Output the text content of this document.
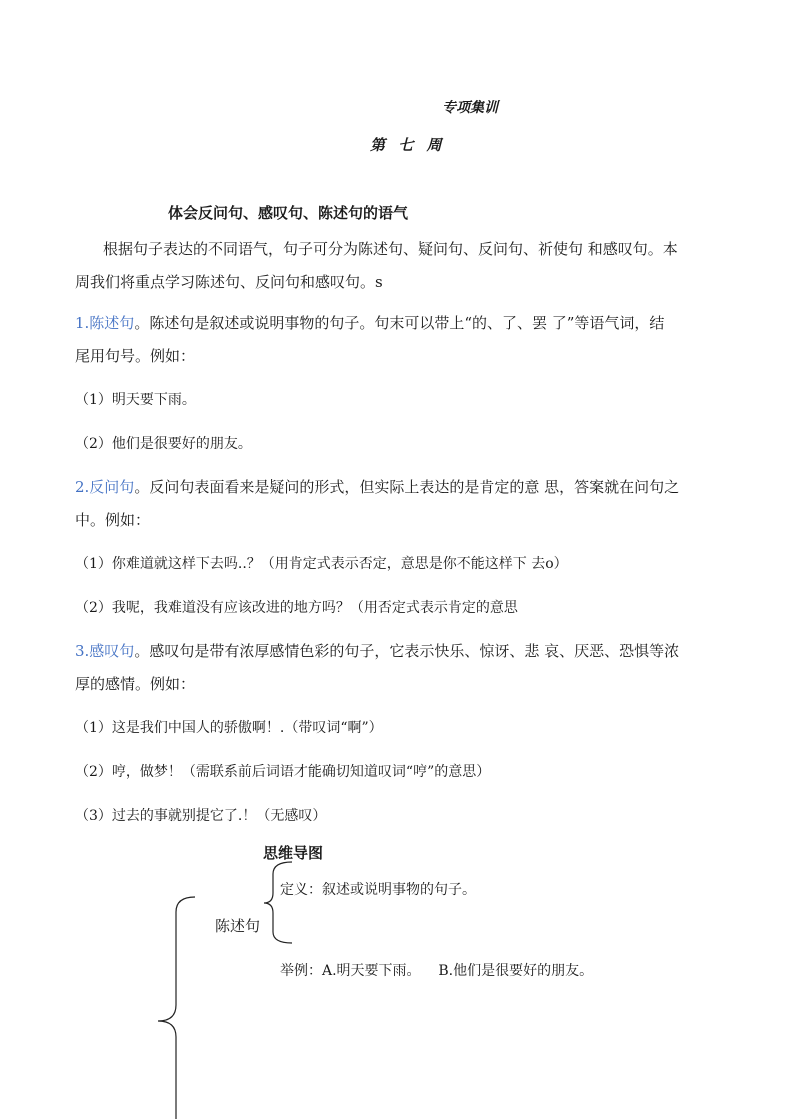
专项集训
第 七 周
体会反问句、感叹句、陈述句的语气
根据句子表达的不同语气，句子可分为陈述句、疑问句、反问句、祈使句 和感叹句。本
周我们将重点学习陈述句、反问句和感叹句。s
1.陈述句。陈述句是叙述或说明事物的句子。句末可以带上“的、了、罢 了”等语气词，结
尾用句号。例如：
（1）明天要下雨。
（2）他们是很要好的朋友。
2.反问句。反问句表面看来是疑问的形式，但实际上表达的是肯定的意 思，答案就在问句之
中。例如：
（1）你难道就这样下去吗..？（用肯定式表示否定，意思是你不能这样下 去o）
（2）我呢，我难道没有应该改进的地方吗？（用否定式表示肯定的意思
3.感叹句。感叹句是带有浓厚感情色彩的句子，它表示快乐、惊讶、悲 哀、厌恶、恐惧等浓
厚的感情。例如：
（1）这是我们中国人的骄傲啊！.（带叹词“啊”）
（2）哼，做梦！（需联系前后词语才能确切知道叹词“哼”的意思）
（3）过去的事就别提它了.！（无感叹）
思维导图
陈述句
定义：叙述或说明事物的句子。
举例：A.明天要下雨。    B.他们是很要好的朋友。
